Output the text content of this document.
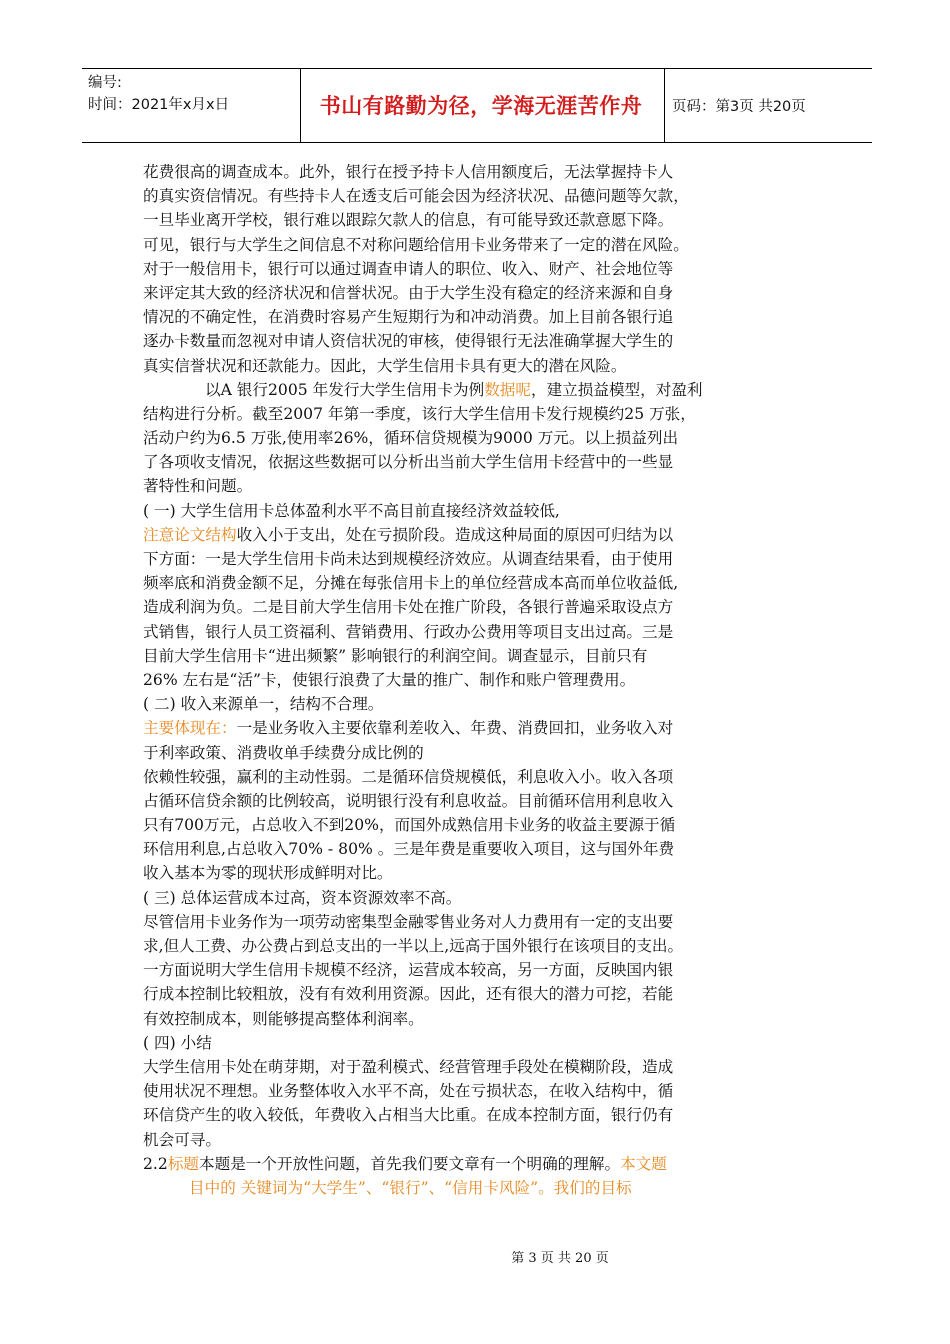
编号:
时间：2021年x月x日	书山有路勤为径，学海无涯苦作舟	页码：第3页 共20页
花费很高的调查成本。此外，银行在授予持卡人信用额度后，无法掌握持卡人
的真实资信情况。有些持卡人在透支后可能会因为经济状况、品德问题等欠款，
一旦毕业离开学校，银行难以跟踪欠款人的信息，有可能导致还款意愿下降。
可见，银行与大学生之间信息不对称问题给信用卡业务带来了一定的潜在风险。
对于一般信用卡，银行可以通过调查申请人的职位、收入、财产、社会地位等
来评定其大致的经济状况和信誉状况。由于大学生没有稳定的经济来源和自身
情况的不确定性，在消费时容易产生短期行为和冲动消费。加上目前各银行追
逐办卡数量而忽视对申请人资信状况的审核，使得银行无法准确掌握大学生的
真实信誉状况和还款能力。因此，大学生信用卡具有更大的潜在风险。
以A 银行2005 年发行大学生信用卡为例数据呢，建立损益模型，对盈利
结构进行分析。截至2007 年第一季度，该行大学生信用卡发行规模约25 万张，
活动户约为6.5 万张,使用率26%，循环信贷规模为9000 万元。以上损益列出
了各项收支情况，依据这些数据可以分析出当前大学生信用卡经营中的一些显
著特性和问题。
( 一) 大学生信用卡总体盈利水平不高目前直接经济效益较低,
注意论文结构收入小于支出，处在亏损阶段。造成这种局面的原因可归结为以
下方面：一是大学生信用卡尚未达到规模经济效应。从调查结果看，由于使用
频率底和消费金额不足，分摊在每张信用卡上的单位经营成本高而单位收益低,
造成利润为负。二是目前大学生信用卡处在推广阶段，各银行普遍采取设点方
式销售，银行人员工资福利、营销费用、行政办公费用等项目支出过高。三是
目前大学生信用卡“进出频繁” 影响银行的利润空间。调查显示，目前只有
26% 左右是“活”卡，使银行浪费了大量的推广、制作和账户管理费用。
( 二) 收入来源单一，结构不合理。
主要体现在：一是业务收入主要依靠利差收入、年费、消费回扣，业务收入对
于利率政策、消费收单手续费分成比例的
依赖性较强，赢利的主动性弱。二是循环信贷规模低，利息收入小。收入各项
占循环信贷余额的比例较高，说明银行没有利息收益。目前循环信用利息收入
只有700万元，占总收入不到20%，而国外成熟信用卡业务的收益主要源于循
环信用利息,占总收入70% - 80% 。三是年费是重要收入项目，这与国外年费
收入基本为零的现状形成鲜明对比。
( 三) 总体运营成本过高，资本资源效率不高。
尽管信用卡业务作为一项劳动密集型金融零售业务对人力费用有一定的支出要
求,但人工费、办公费占到总支出的一半以上,远高于国外银行在该项目的支出。
一方面说明大学生信用卡规模不经济，运营成本较高，另一方面，反映国内银
行成本控制比较粗放，没有有效利用资源。因此，还有很大的潜力可挖，若能
有效控制成本，则能够提高整体利润率。
( 四) 小结
大学生信用卡处在萌芽期，对于盈利模式、经营管理手段处在模糊阶段，造成
使用状况不理想。业务整体收入水平不高，处在亏损状态，在收入结构中，循
环信贷产生的收入较低，年费收入占相当大比重。在成本控制方面，银行仍有
机会可寻。
2.2标题本题是一个开放性问题，首先我们要文章有一个明确的理解。本文题
目中的 关键词为“大学生”、“银行”、“信用卡风险”。我们的目标
第 3 页 共 20 页
